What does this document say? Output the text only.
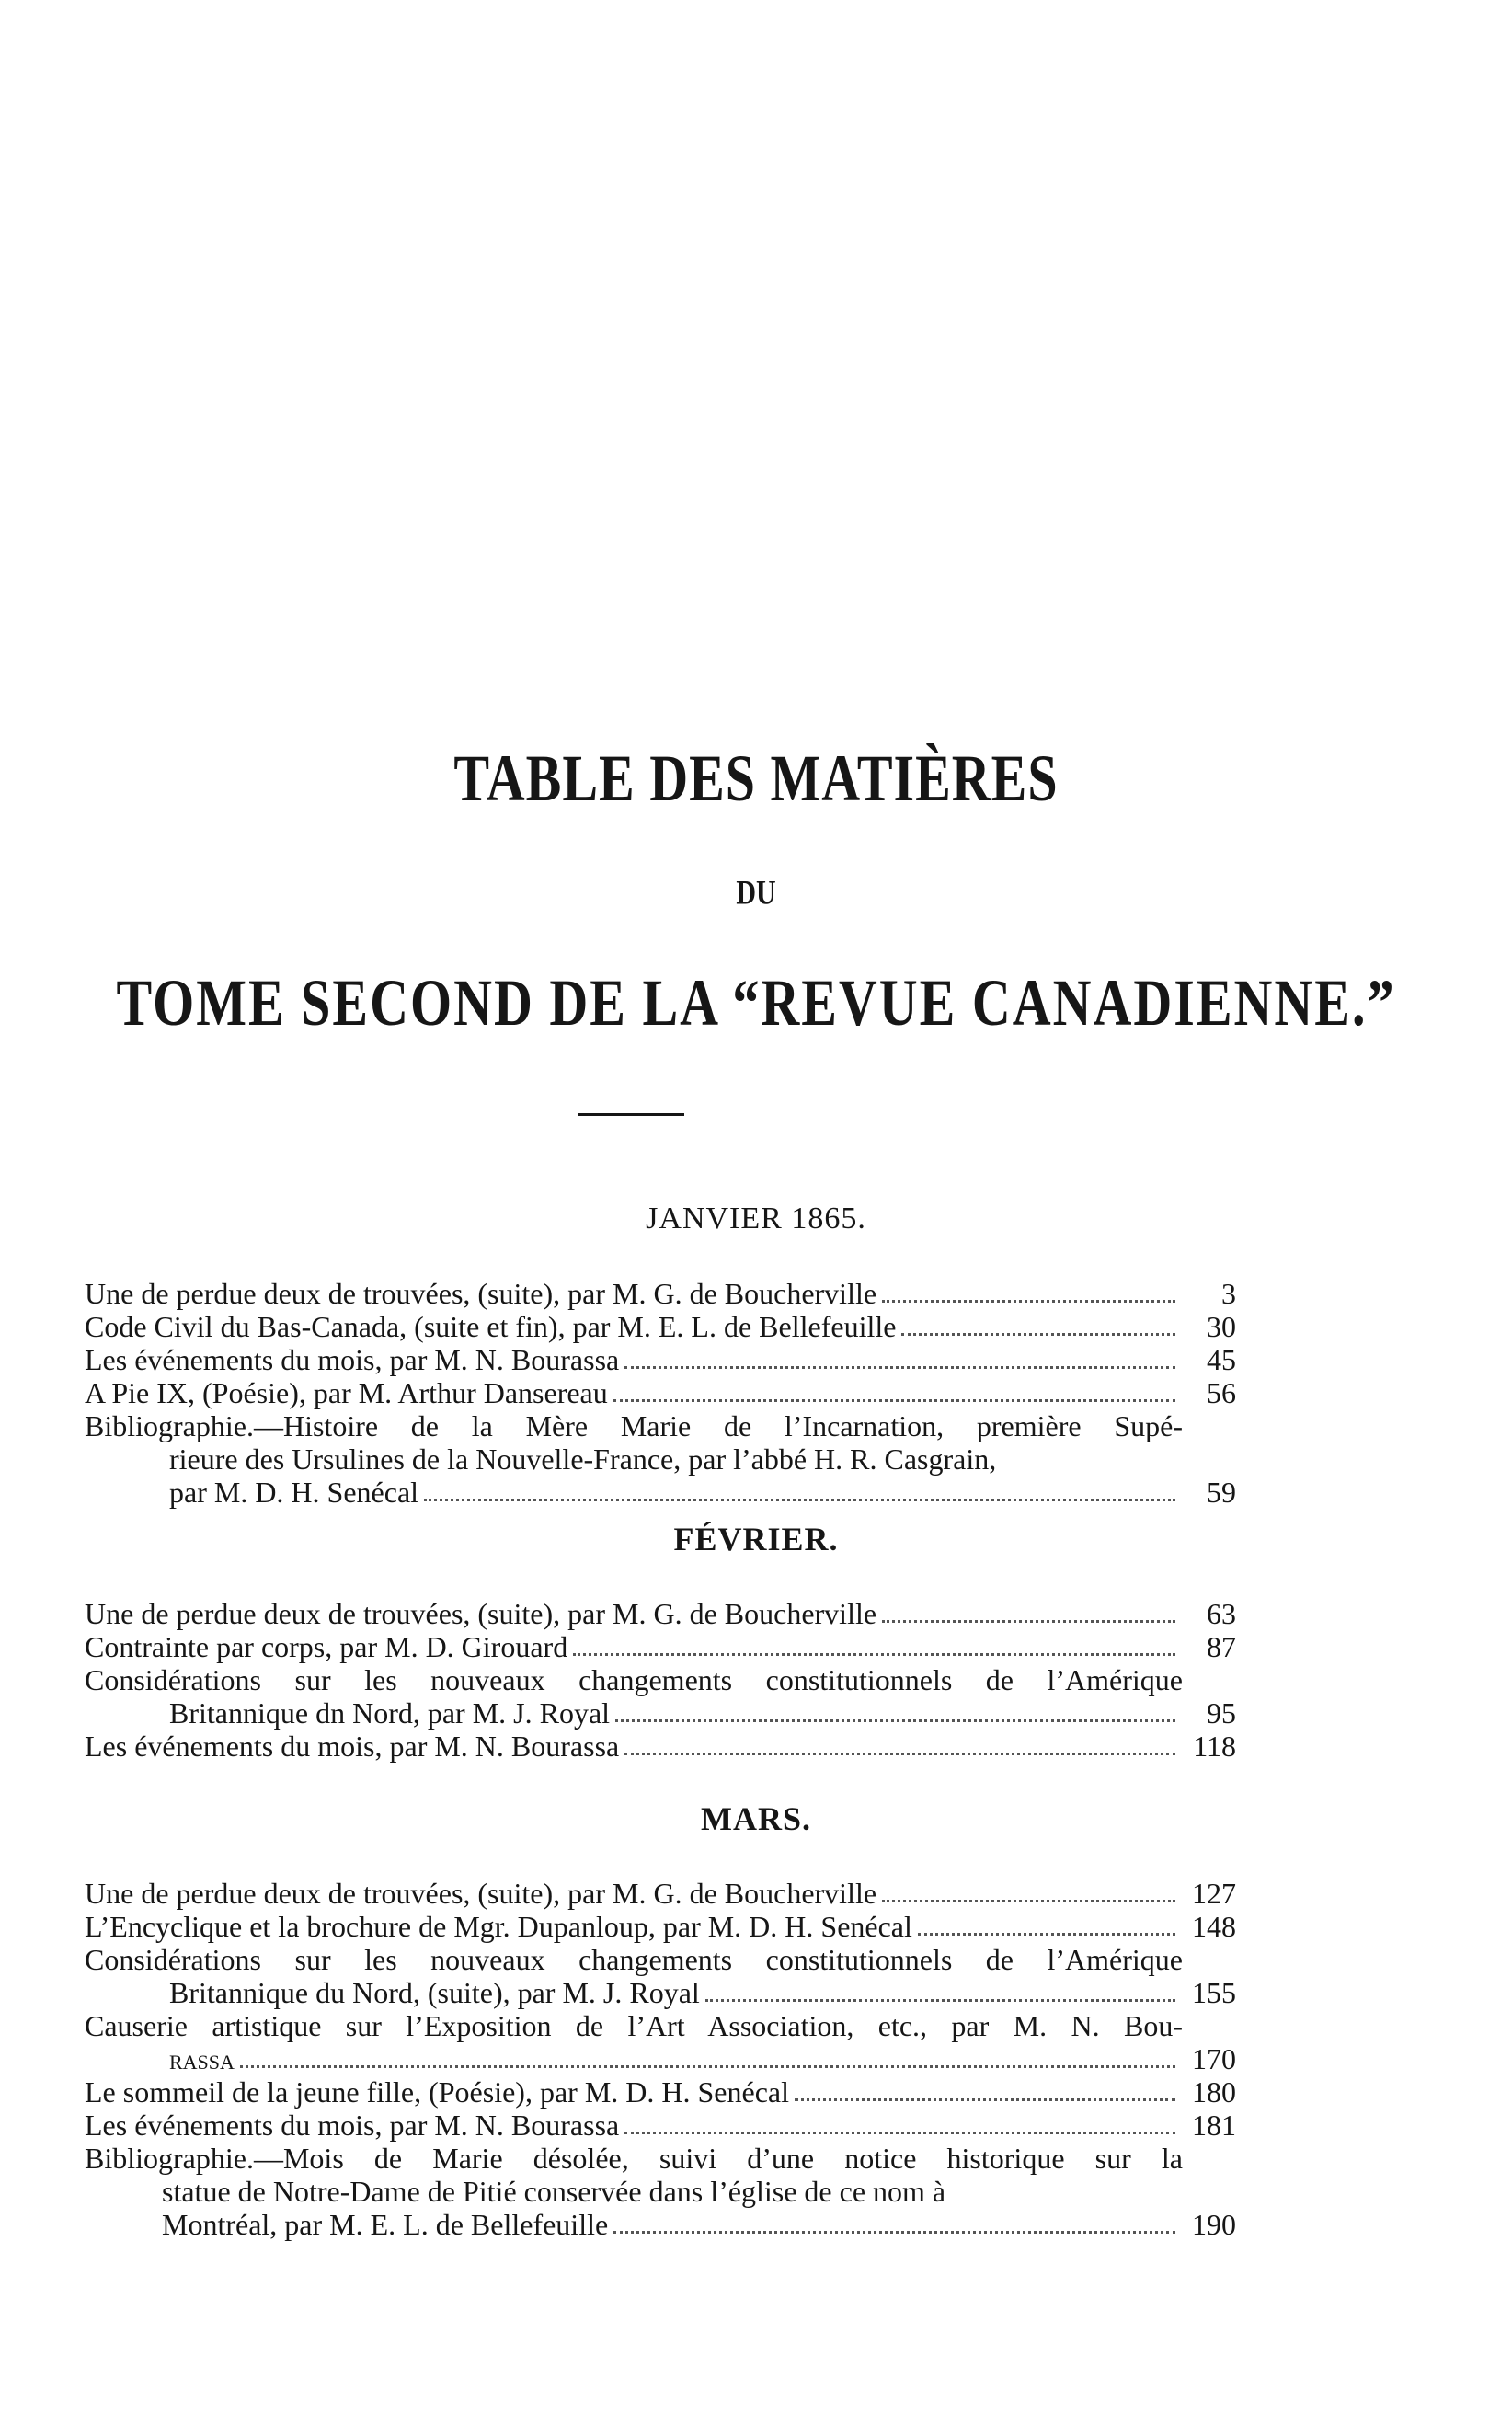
TABLE DES MATIÈRES
DU
TOME SECOND DE LA “REVUE CANADIENNE.”
JANVIER 1865.
Une de perdue deux de trouvées, (suite), par M. G. de Boucherville	3
Code Civil du Bas-Canada, (suite et fin), par M. E. L. de Bellefeuille	30
Les événements du mois, par M. N. Bourassa	45
A Pie IX, (Poésie), par M. Arthur Dansereau	56
Bibliographie.—Histoire de la Mère Marie de l’Incarnation, première Supé-
rieure des Ursulines de la Nouvelle-France, par l’abbé H. R. Casgrain,
par M. D. H. Senécal	59
FÉVRIER.
Une de perdue deux de trouvées, (suite), par M. G. de Boucherville	63
Contrainte par corps, par M. D. Girouard	87
Considérations sur les nouveaux changements constitutionnels de l’Amérique
Britannique dn Nord, par M. J. Royal	95
Les événements du mois, par M. N. Bourassa	118
MARS.
Une de perdue deux de trouvées, (suite), par M. G. de Boucherville	127
L’Encyclique et la brochure de Mgr. Dupanloup, par M. D. H. Senécal	148
Considérations sur les nouveaux changements constitutionnels de l’Amérique
Britannique du Nord, (suite), par M. J. Royal	155
Causerie artistique sur l’Exposition de l’Art Association, etc., par M. N. Bou-
rassa	170
Le sommeil de la jeune fille, (Poésie), par M. D. H. Senécal	180
Les événements du mois, par M. N. Bourassa	181
Bibliographie.—Mois de Marie désolée, suivi d’une notice historique sur la
statue de Notre-Dame de Pitié conservée dans l’église de ce nom à
Montréal, par M. E. L. de Bellefeuille	190
